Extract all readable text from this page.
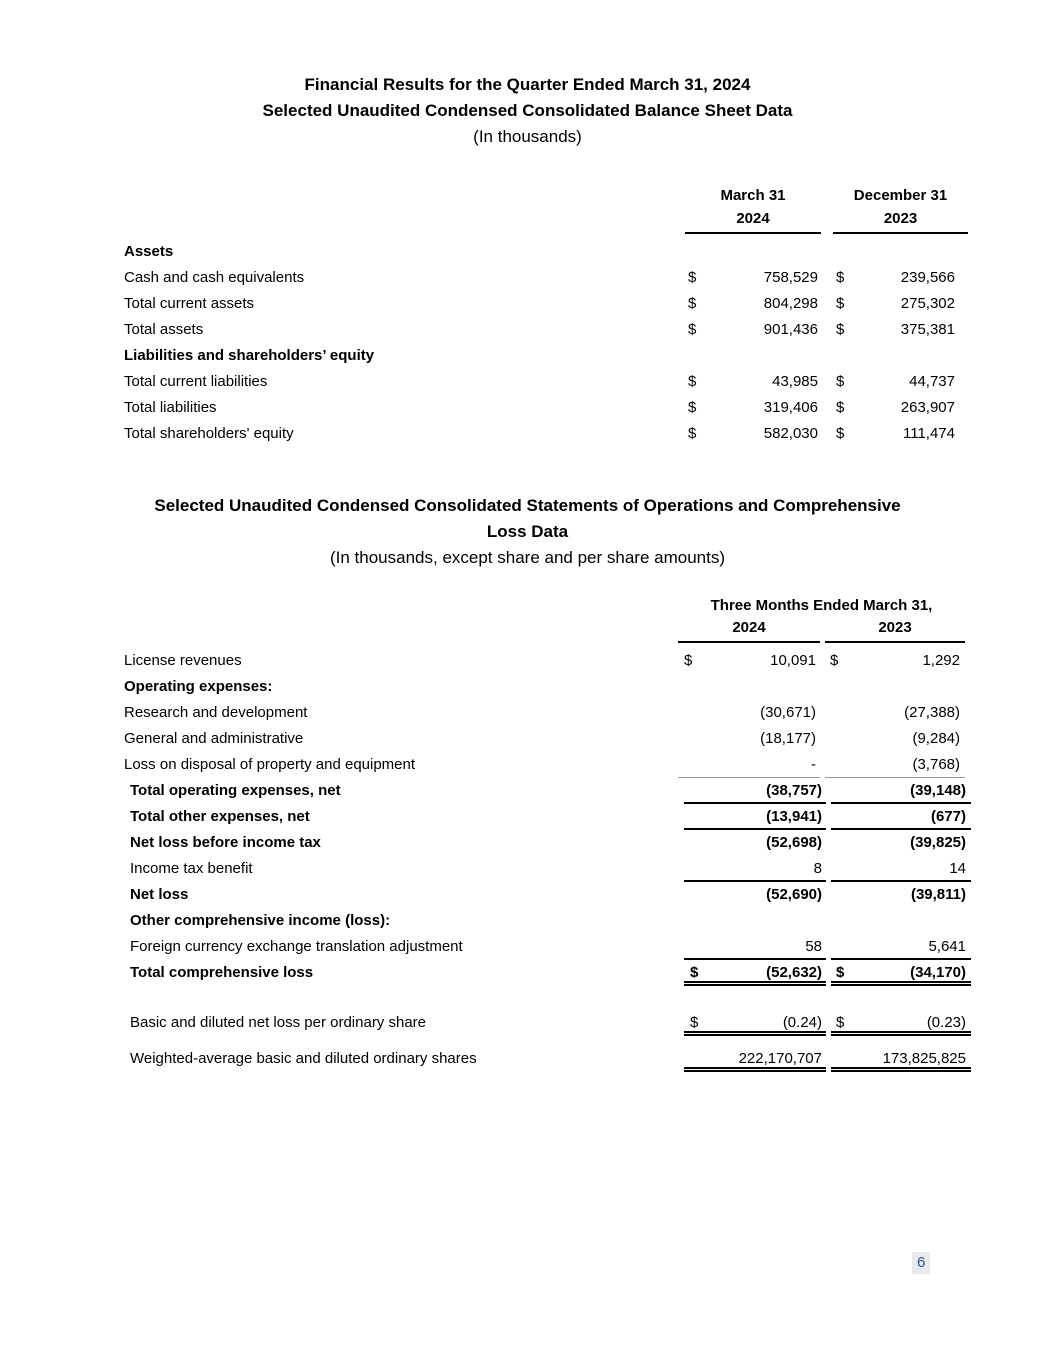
Financial Results for the Quarter Ended March 31, 2024
Selected Unaudited Condensed Consolidated Balance Sheet Data
(In thousands)
March 31
2024
December 31
2023
Assets
Cash and cash equivalents	$	758,529 $	239,566
Total current assets	$	804,298 $	275,302
Total assets	$	901,436 $	375,381
Liabilities and shareholders’ equity
Total current liabilities	$	43,985 $	44,737
Total liabilities	$	319,406 $	263,907
Total shareholders' equity	$	582,030 $	111,474
Selected Unaudited Condensed Consolidated Statements of Operations and Comprehensive
Loss Data
(In thousands, except share and per share amounts)
Three Months Ended March 31,
2024	2023
License revenues	$	10,091 $	1,292
Operating expenses:
Research and development	(30,671)	(27,388)
General and administrative	(18,177)	(9,284)
Loss on disposal of property and equipment	-	(3,768)
Total operating expenses, net	(38,757)	(39,148)
Total other expenses, net	(13,941)	(677)
Net loss before income tax	(52,698)	(39,825)
Income tax benefit	8	14
Net loss	(52,690)	(39,811)
Other comprehensive income (loss):
Foreign currency exchange translation adjustment	58	5,641
Total comprehensive loss	$	(52,632) $	(34,170)
Basic and diluted net loss per ordinary share	$	(0.24) $	(0.23)
Weighted-average basic and diluted ordinary shares	222,170,707	173,825,825
6
